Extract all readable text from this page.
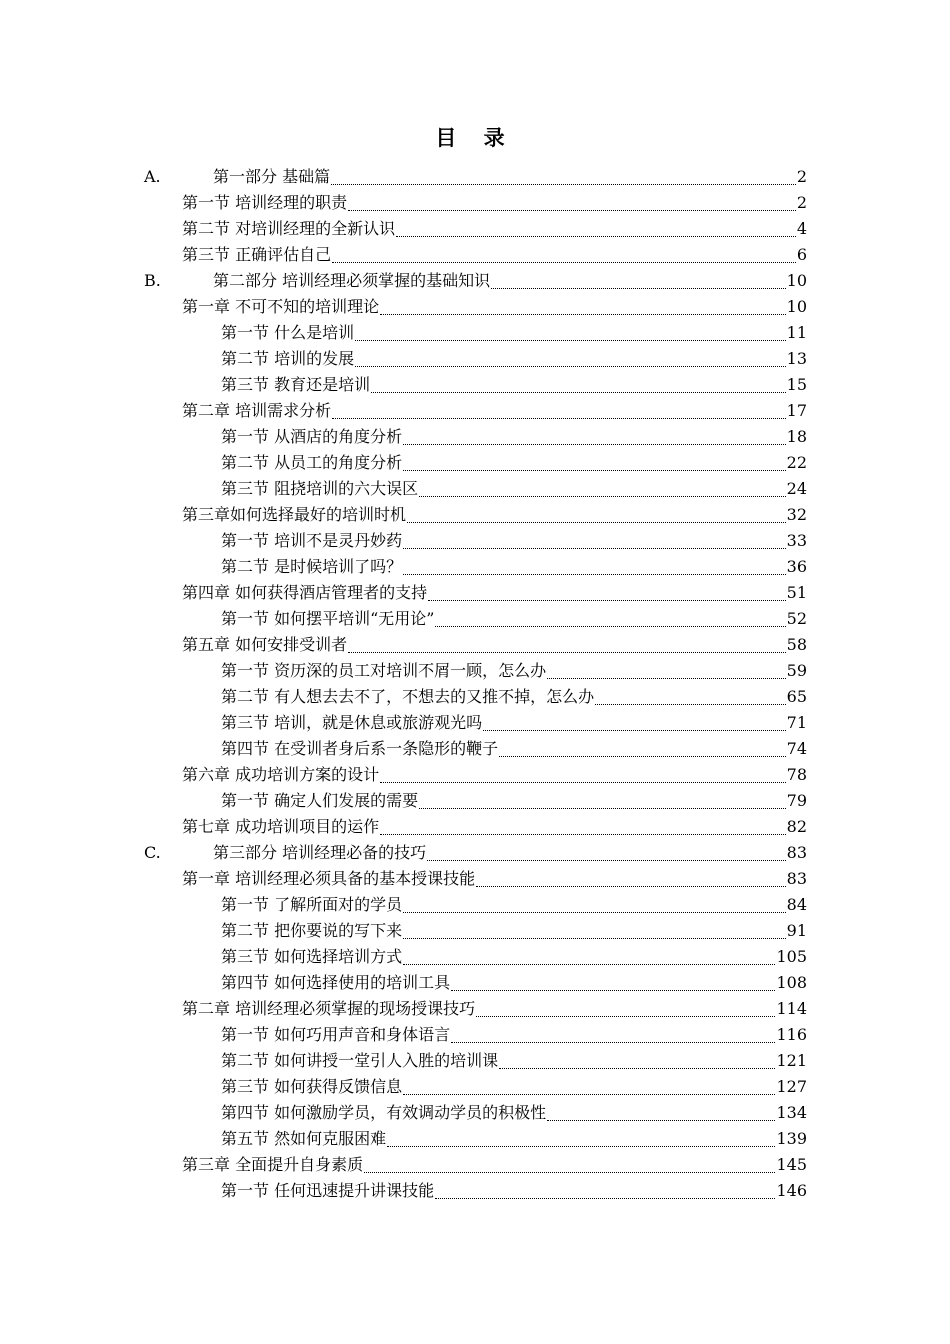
目 录
A.	第一部分 基础篇	2
第一节 培训经理的职责	2
第二节 对培训经理的全新认识	4
第三节 正确评估自己	6
B.	第二部分 培训经理必须掌握的基础知识	10
第一章 不可不知的培训理论	10
第一节 什么是培训	11
第二节 培训的发展	13
第三节 教育还是培训	15
第二章 培训需求分析	17
第一节 从酒店的角度分析	18
第二节 从员工的角度分析	22
第三节 阻挠培训的六大误区	24
第三章如何选择最好的培训时机	32
第一节 培训不是灵丹妙药	33
第二节 是时候培训了吗？	36
第四章 如何获得酒店管理者的支持	51
第一节 如何摆平培训“无用论”	52
第五章 如何安排受训者	58
第一节 资历深的员工对培训不屑一顾，怎么办	59
第二节 有人想去去不了，不想去的又推不掉，怎么办	65
第三节 培训，就是休息或旅游观光吗	71
第四节 在受训者身后系一条隐形的鞭子	74
第六章 成功培训方案的设计	78
第一节 确定人们发展的需要	79
第七章 成功培训项目的运作	82
C.	第三部分 培训经理必备的技巧	83
第一章 培训经理必须具备的基本授课技能	83
第一节 了解所面对的学员	84
第二节 把你要说的写下来	91
第三节 如何选择培训方式	105
第四节 如何选择使用的培训工具	108
第二章 培训经理必须掌握的现场授课技巧	114
第一节 如何巧用声音和身体语言	116
第二节 如何讲授一堂引人入胜的培训课	121
第三节 如何获得反馈信息	127
第四节 如何激励学员，有效调动学员的积极性	134
第五节 然如何克服困难	139
第三章 全面提升自身素质	145
第一节 任何迅速提升讲课技能	146
